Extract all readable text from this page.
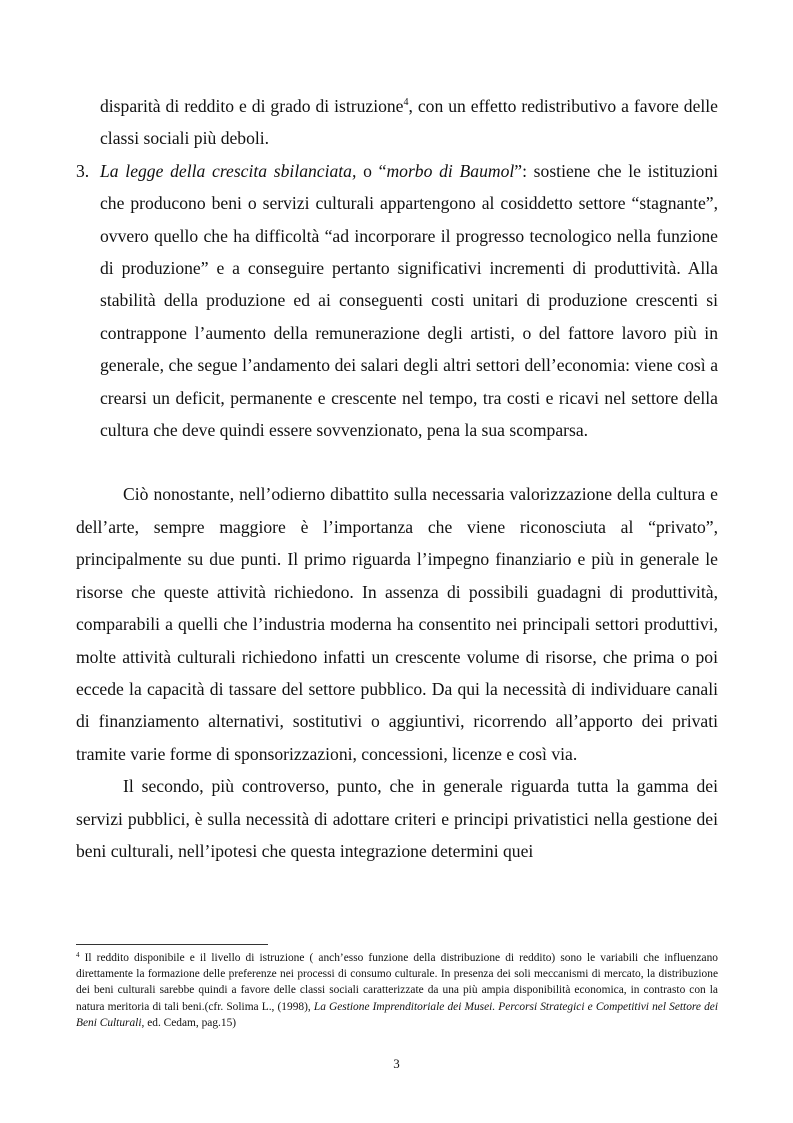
disparità di reddito e di grado di istruzione$^4$, con un effetto redistributivo a favore delle classi sociali più deboli.

3. La legge della crescita sbilanciata, o “morbo di Baumol”: sostiene che le istituzioni che producono beni o servizi culturali appartengono al cosiddetto settore “stagnante”, ovvero quello che ha difficoltà “ad incorporare il progresso tecnologico nella funzione di produzione” e a conseguire pertanto significativi incrementi di produttività. Alla stabilità della produzione ed ai conseguenti costi unitari di produzione crescenti si contrappone l’aumento della remunerazione degli artisti, o del fattore lavoro più in generale, che segue l’andamento dei salari degli altri settori dell’economia: viene così a crearsi un deficit, permanente e crescente nel tempo, tra costi e ricavi nel settore della cultura che deve quindi essere sovvenzionato, pena la sua scomparsa.

Ciò nonostante, nell’odierno dibattito sulla necessaria valorizzazione della cultura e dell’arte, sempre maggiore è l’importanza che viene riconosciuta al “privato”, principalmente su due punti. Il primo riguarda l’impegno finanziario e più in generale le risorse che queste attività richiedono. In assenza di possibili guadagni di produttività, comparabili a quelli che l’industria moderna ha consentito nei principali settori produttivi, molte attività culturali richiedono infatti un crescente volume di risorse, che prima o poi eccede la capacità di tassare del settore pubblico. Da qui la necessità di individuare canali di finanziamento alternativi, sostitutivi o aggiuntivi, ricorrendo all’apporto dei privati tramite varie forme di sponsorizzazioni, concessioni, licenze e così via.

Il secondo, più controverso, punto, che in generale riguarda tutta la gamma dei servizi pubblici, è sulla necessità di adottare criteri e principi privatistici nella gestione dei beni culturali, nell’ipotesi che questa integrazione determini quei

$^4$ Il reddito disponibile e il livello di istruzione ( anch’esso funzione della distribuzione di reddito) sono le variabili che influenzano direttamente la formazione delle preferenze nei processi di consumo culturale. In presenza dei soli meccanismi di mercato, la distribuzione dei beni culturali sarebbe quindi a favore delle classi sociali caratterizzate da una più ampia disponibilità economica, in contrasto con la natura meritoria di tali beni.(cfr. Solima L., (1998), La Gestione Imprenditoriale dei Musei. Percorsi Strategici e Competitivi nel Settore dei Beni Culturali, ed. Cedam, pag.15)

3
